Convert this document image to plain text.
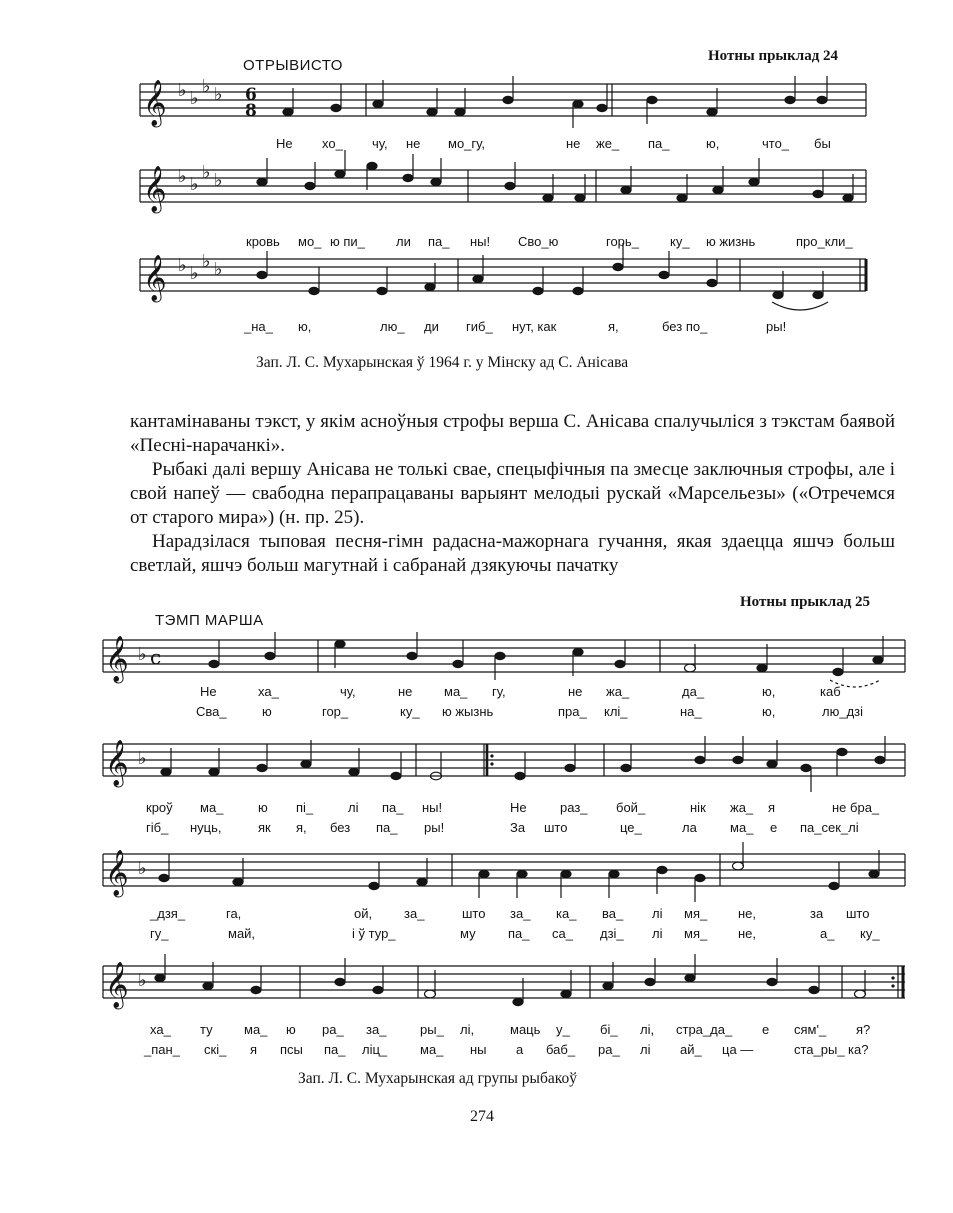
Нотны прыклад 24
ОТРЫВИСТО
𝄞
𝄞
𝄞
♭ ♭
♭ ♭
♭ ♭
♭ ♭
♭ ♭
♭ ♭
6
8
Не хо_ чу, не мо_гу,	не же_ па_	ю,	что_ бы
кровь мо_ ю пи_ ли па_ ны! Сво_ю	горь_ ку_ ю жизнь	про_кли_
_на_ ю,	лю_ ди гиб_ нут, как	я,	без по_	ры!
Зап. Л. С. Мухарынская ў 1964 г. у Мінску ад С. Анісава

кантамінаваны тэкст, у якім асноўныя строфы верша С. Анісава спалучыліся з тэкстам баявой «Песні-нарачанкі».

Рыбакі далі вершу Анісава не толькі свае, спецыфічныя па змесце заключныя строфы, але і свой напеў — свабодна перапрацаваны варыянт мелодыі рускай «Марсельезы» («Отречемся от старого мира») (н. пр. 25).

Нарадзілася тыповая песня-гімн радасна-мажорнага гучання, якая здаецца яшчэ больш светлай, яшчэ больш магутнай і сабранай дзякуючы пачатку

Нотны прыклад 25
ТЭМП МАРША
𝄞
𝄞
𝄞
𝄞
♭
♭
♭
♭
c
Не	ха_	чу,	не ма_ гу,	не жа_	да_	ю,	каб
Сва_	ю	гор_	ку_ ю жызнь	пра_ клі_	на_	ю,	лю_дзі
кроў ма_	ю пі_	лі па_ ны!	Не	раз_ бой_	нік жа_ я	не бра_
гіб_ нуць,	як я, без па_ ры!	За што	це_	ла	ма_ е па_сек_лі
_дзя_	га,	ой, за_	што за_ ка_ ва_ лі мя_ не,	за што
гу_	май,	і ў тур_	му па_ са_ дзі_ лі мя_ не,	а_ ку_
ха_ ту ма_ ю ра_ за_	ры_ лі,	маць у_ бі_ лі, стра_да_ е сям'_ я?
_пан_ скі_ я псы па_ ліц_	ма_ ны а баб_ ра_ лі ай_ ца —	ста_ры_ ка?
Зап. Л. С. Мухарынская ад групы рыбакоў
274
